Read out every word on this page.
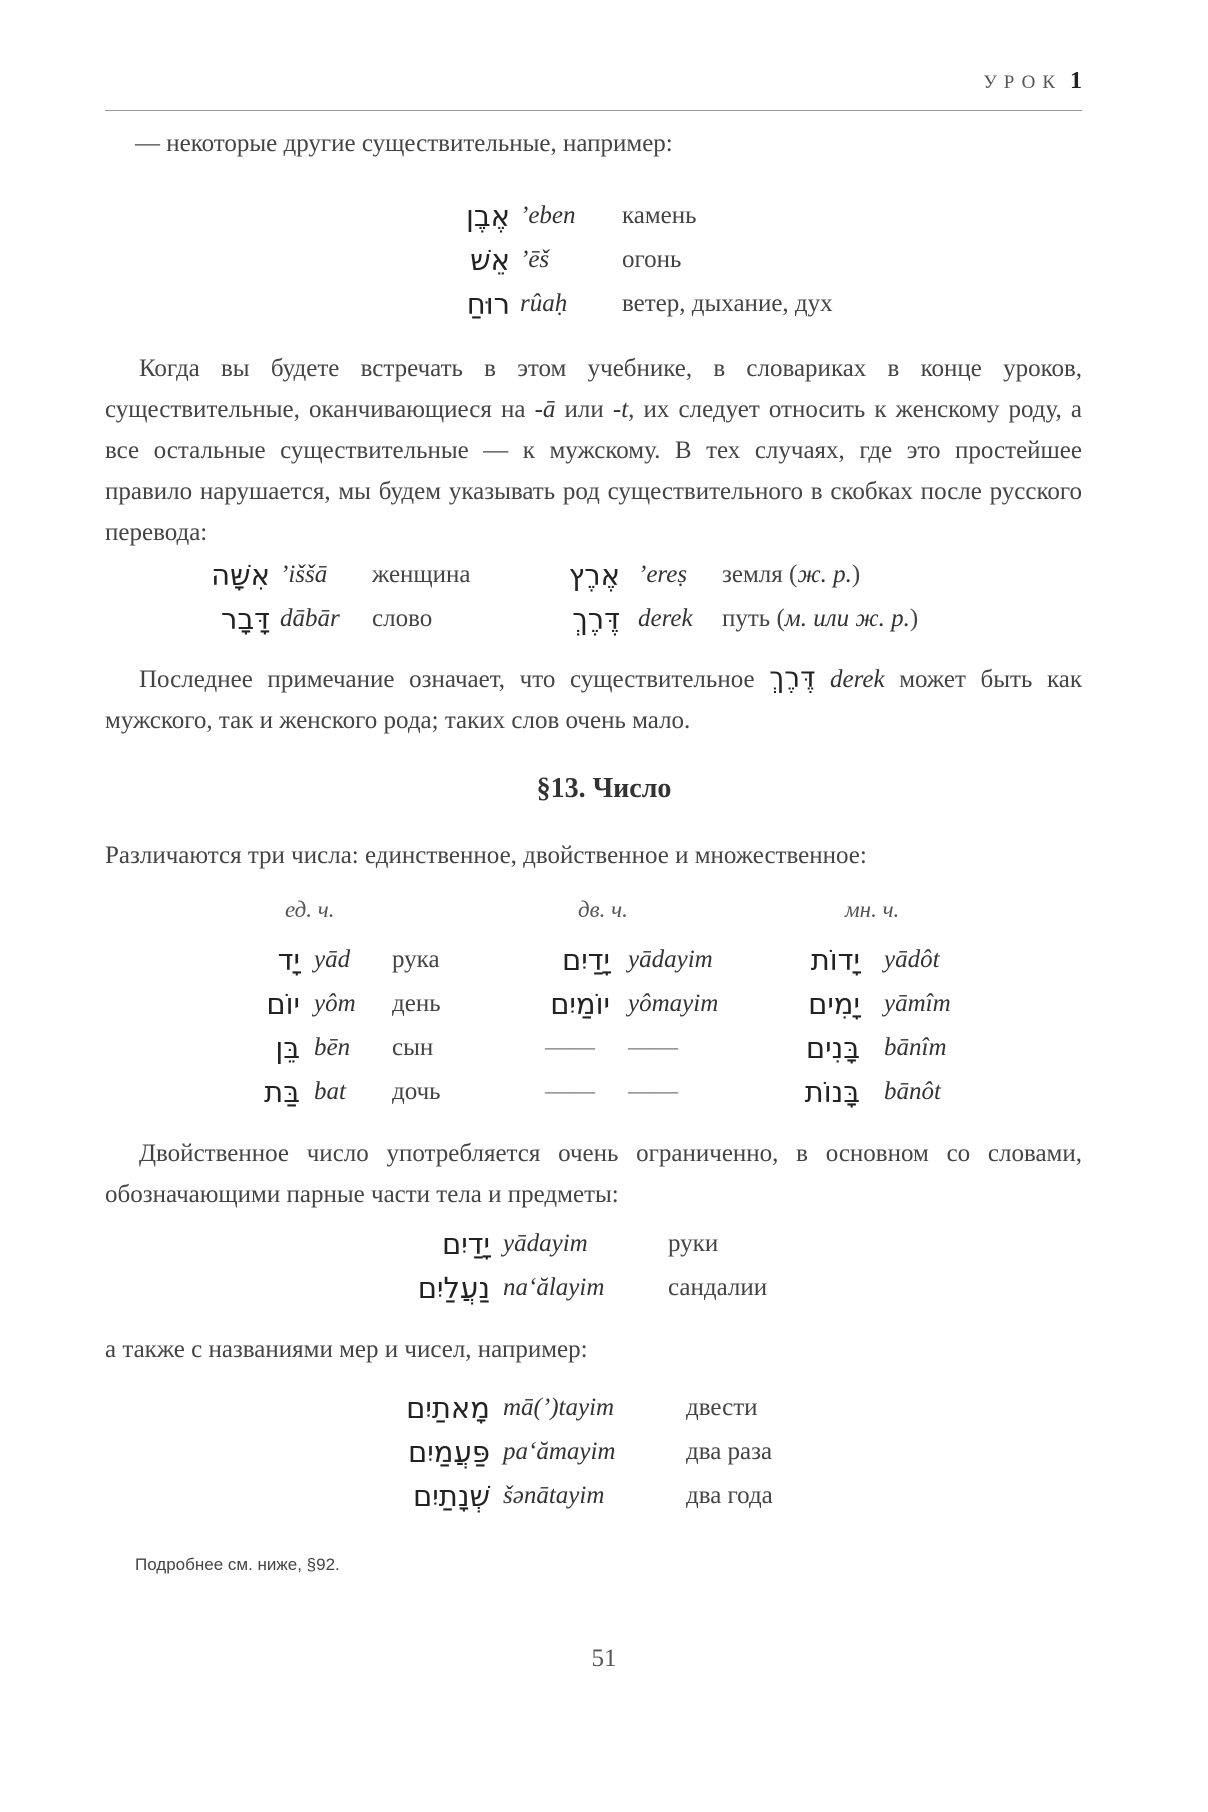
УРОК 1
— некоторые другие существительные, например:
אֶבֶן ’eben камень
אֵשׁ ’ēš	огонь
רוּחַ rûaḥ ветер, дыхание, дух

Когда вы будете встречать в этом учебнике, в словариках в конце уроков, существительные, оканчивающиеся на -ā или -t, их следует относить к женскому роду, а все остальные существительные — к мужскому. В тех случаях, где это простейшее правило нарушается, мы будем указывать род существительного в скобках после русского перевода:

אִשָּׁה ’iššā женщина	אֶרֶץ ’ereṣ земля (ж. р.)
דָּבָר dābār слово	דֶּרֶךְ derek путь (м. или ж. р.)

Последнее примечание означает, что существительное דֶּרֶךְ derek может быть как мужского, так и женского рода; таких слов очень мало.

§13. Число
Различаются три числа: единственное, двойственное и множественное:
ед. ч.	дв. ч.	мн. ч.
יָד yād рука	יָדַיִם yādayim	יָדוֹת yādôt
יוֹם yôm день	יוֹמַיִם yômayim	יָמִים yāmîm
בֵּן bēn сын	—— ——	בָּנִים bānîm
בַּת bat дочь	—— ——	בָּנוֹת bānôt

Двойственное число употребляется очень ограниченно, в основном со словами, обозначающими парные части тела и предметы:

יָדַיִם yādayim	руки
נַעֲלַיִם na‘ălayim	сандалии
а также с названиями мер и чисел, например:
מָאתַיִם mā(’)tayim	двести
פַּעֲמַיִם pa‘ămayim	два раза
שְׁנָתַיִם šənātayim	два года
Подробнее см. ниже, §92.
51
